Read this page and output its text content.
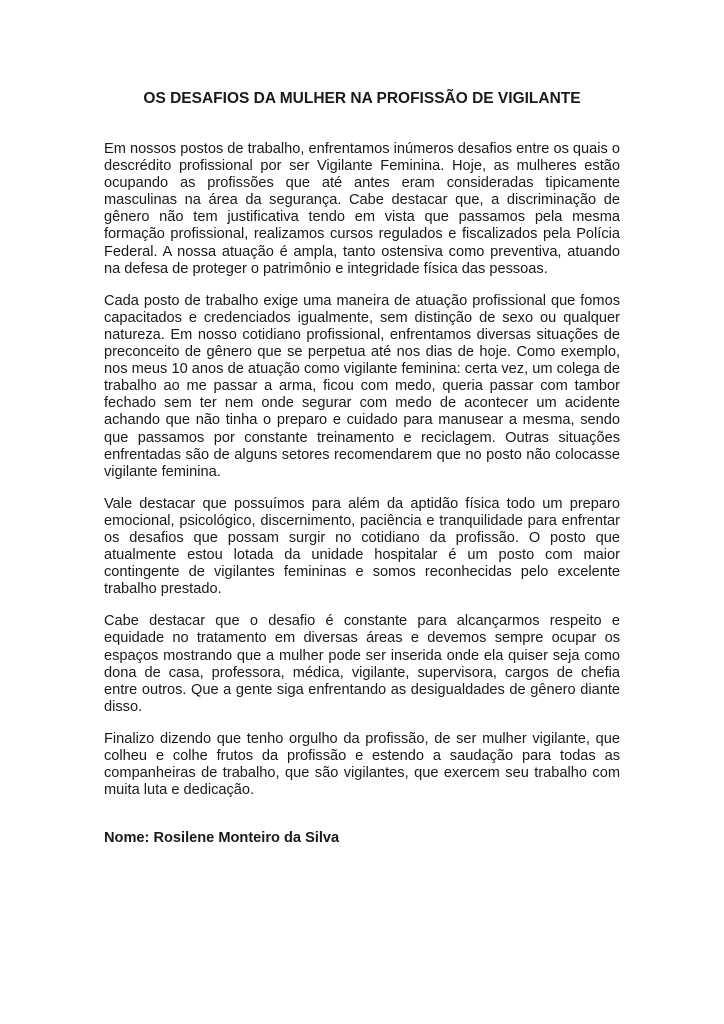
OS DESAFIOS DA MULHER NA PROFISSÃO DE VIGILANTE

Em nossos postos de trabalho, enfrentamos inúmeros desafios entre os quais o descrédito profissional por ser Vigilante Feminina. Hoje, as mulheres estão ocupando as profissões que até antes eram consideradas tipicamente masculinas na área da segurança. Cabe destacar que, a discriminação de gênero não tem justificativa tendo em vista que passamos pela mesma formação profissional, realizamos cursos regulados e fiscalizados pela Polícia Federal. A nossa atuação é ampla, tanto ostensiva como preventiva, atuando na defesa de proteger o patrimônio e integridade física das pessoas.

Cada posto de trabalho exige uma maneira de atuação profissional que fomos capacitados e credenciados igualmente, sem distinção de sexo ou qualquer natureza. Em nosso cotidiano profissional, enfrentamos diversas situações de preconceito de gênero que se perpetua até nos dias de hoje. Como exemplo, nos meus 10 anos de atuação como vigilante feminina: certa vez, um colega de trabalho ao me passar a arma, ficou com medo, queria passar com tambor fechado sem ter nem onde segurar com medo de acontecer um acidente achando que não tinha o preparo e cuidado para manusear a mesma, sendo que passamos por constante treinamento e reciclagem. Outras situações enfrentadas são de alguns setores recomendarem que no posto não colocasse vigilante feminina.

Vale destacar que possuímos para além da aptidão física todo um preparo emocional, psicológico, discernimento, paciência e tranquilidade para enfrentar os desafios que possam surgir no cotidiano da profissão. O posto que atualmente estou lotada da unidade hospitalar é um posto com maior contingente de vigilantes femininas e somos reconhecidas pelo excelente trabalho prestado.

Cabe destacar que o desafio é constante para alcançarmos respeito e equidade no tratamento em diversas áreas e devemos sempre ocupar os espaços mostrando que a mulher pode ser inserida onde ela quiser seja como dona de casa, professora, médica, vigilante, supervisora, cargos de chefia entre outros. Que a gente siga enfrentando as desigualdades de gênero diante disso.

Finalizo dizendo que tenho orgulho da profissão, de ser mulher vigilante, que colheu e colhe frutos da profissão e estendo a saudação para todas as companheiras de trabalho, que são vigilantes, que exercem seu trabalho com muita luta e dedicação.

Nome: Rosilene Monteiro da Silva
